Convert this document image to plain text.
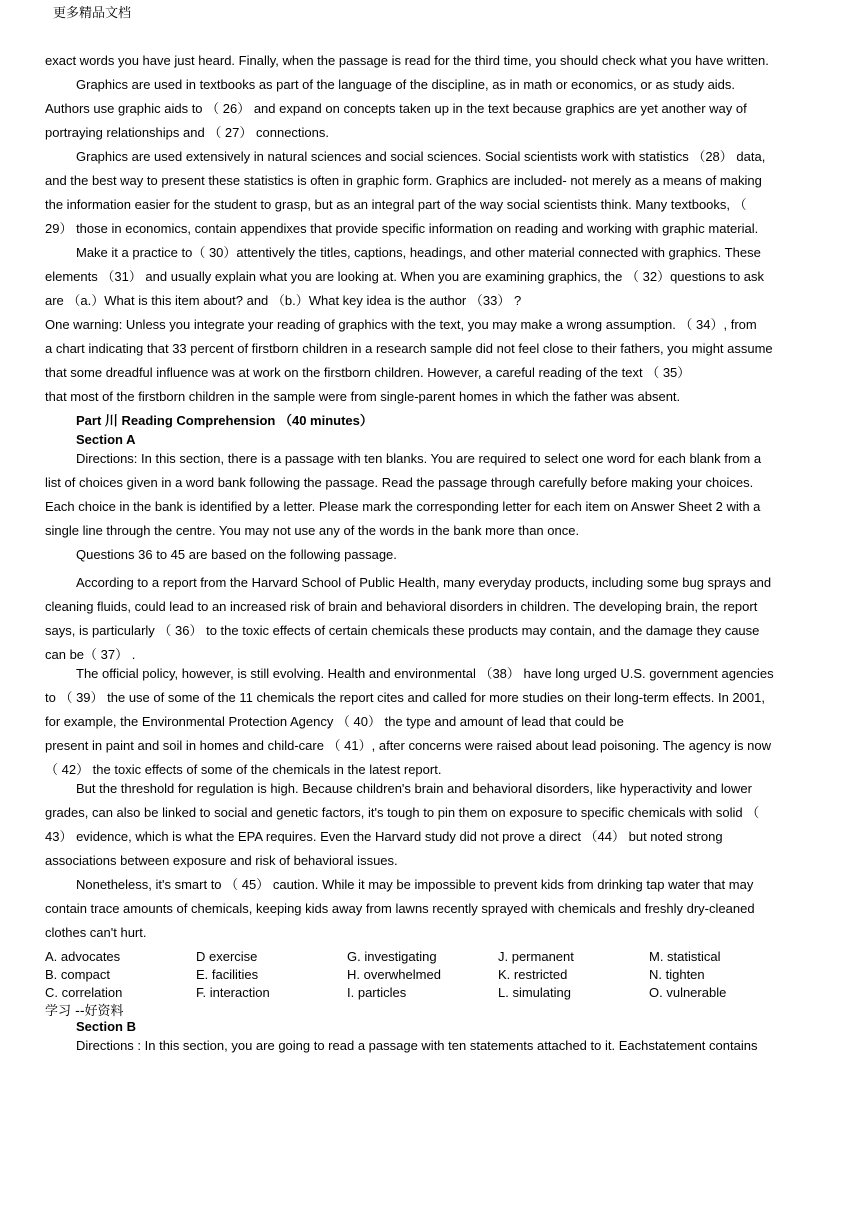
更多精品文档
exact words you have just heard. Finally, when the passage is read for the third time, you should check what you have written.
Graphics are used in textbooks as part of the language of the discipline, as in math or economics, or as study aids.
Authors use graphic aids to （ 26） and expand on concepts taken up in the text because graphics are yet another way of
portraying relationships and （ 27） connections.
Graphics are used extensively in natural sciences and social sciences. Social scientists work with statistics （28） data,
and the best way to present these statistics is often in graphic form. Graphics are included- not merely as a means of making
the information easier for the student to grasp, but as an integral part of the way social scientists think. Many textbooks, （
29） those in economics, contain appendixes that provide specific information on reading and working with graphic material.
Make it a practice to（ 30）attentively the titles, captions, headings, and other material connected with graphics. These
elements （31） and usually explain what you are looking at. When you are examining graphics, the （ 32）questions to ask
are （a.）What is this item about? and （b.）What key idea is the author （33） ?
One warning: Unless you integrate your reading of graphics with the text, you may make a wrong assumption. （ 34）, from
a chart indicating that 33 percent of firstborn children in a research sample did not feel close to their fathers, you might assume
that some dreadful influence was at work on the firstborn children. However, a careful reading of the text （ 35）
that most of the firstborn children in the sample were from single-parent homes in which the father was absent.
Part 川 Reading Comprehension （40 minutes）
Section A
Directions: In this section, there is a passage with ten blanks. You are required to select one word for each blank from a
list of choices given in a word bank following the passage. Read the passage through carefully before making your choices.
Each choice in the bank is identified by a letter. Please mark the corresponding letter for each item on Answer Sheet 2 with a
single line through the centre. You may not use any of the words in the bank more than once.
Questions 36 to 45 are based on the following passage.
According to a report from the Harvard School of Public Health, many everyday products, including some bug sprays and
cleaning fluids, could lead to an increased risk of brain and behavioral disorders in children. The developing brain, the report
says, is particularly （ 36） to the toxic effects of certain chemicals these products may contain, and the damage they cause
can be（ 37） .
The official policy, however, is still evolving. Health and environmental （38） have long urged U.S. government agencies
to （ 39） the use of some of the 11 chemicals the report cites and called for more studies on their long-term effects. In 2001,
for example, the Environmental Protection Agency （ 40） the type and amount of lead that could be
present in paint and soil in homes and child-care （ 41）, after concerns were raised about lead poisoning. The agency is now
（ 42） the toxic effects of some of the chemicals in the latest report.
But the threshold for regulation is high. Because children's brain and behavioral disorders, like hyperactivity and lower
grades, can also be linked to social and genetic factors, it's tough to pin them on exposure to specific chemicals with solid （
43） evidence, which is what the EPA requires. Even the Harvard study did not prove a direct （44） but noted strong
associations between exposure and risk of behavioral issues.
Nonetheless, it's smart to （ 45） caution. While it may be impossible to prevent kids from drinking tap water that may
contain trace amounts of chemicals, keeping kids away from lawns recently sprayed with chemicals and freshly dry-cleaned
clothes can't hurt.
A. advocates	D exercise	G. investigating	J. permanent	M. statistical
B. compact	E. facilities	H. overwhelmed	K. restricted	N. tighten
C. correlation	F. interaction	I. particles	L. simulating	O. vulnerable
学习 --好资料
Section B
Directions : In this section, you are going to read a passage with ten statements attached to it. Eachstatement contains
